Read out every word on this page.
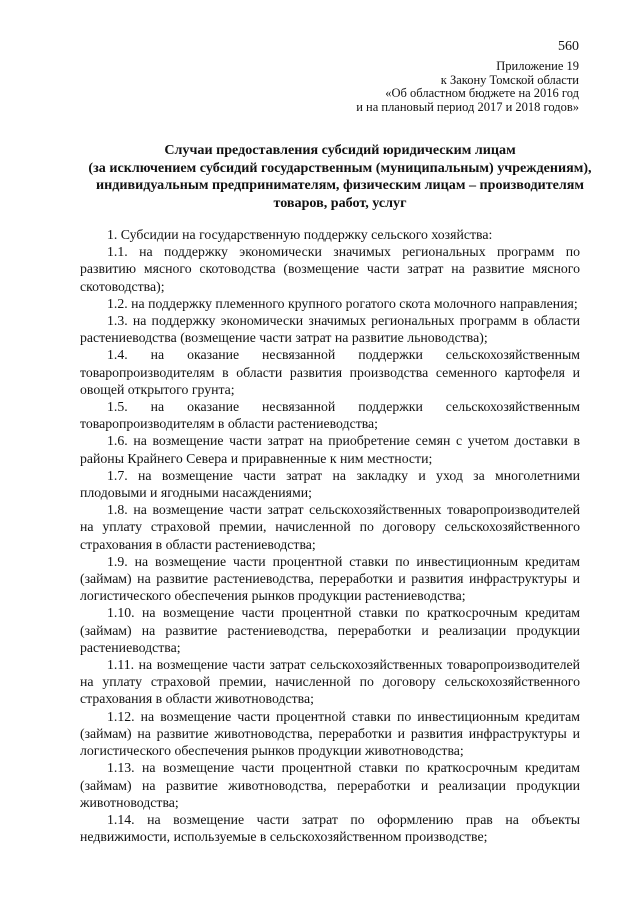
560
Приложение 19
к Закону Томской области
«Об областном бюджете на 2016 год
и на плановый период 2017 и 2018 годов»
Случаи предоставления субсидий юридическим лицам
(за исключением субсидий государственным (муниципальным) учреждениям),
индивидуальным предпринимателям, физическим лицам – производителям
товаров, работ, услуг

1. Субсидии на государственную поддержку сельского хозяйства:

1.1. на поддержку экономически значимых региональных программ по развитию мясного скотоводства (возмещение части затрат на развитие мясного скотоводства);

1.2. на поддержку племенного крупного рогатого скота молочного направления;

1.3. на поддержку экономически значимых региональных программ в области растениеводства (возмещение части затрат на развитие льноводства);

1.4. на оказание несвязанной поддержки сельскохозяйственным товаропроизводителям в области развития производства семенного картофеля и овощей открытого грунта;

1.5. на оказание несвязанной поддержки сельскохозяйственным товаропроизводителям в области растениеводства;

1.6. на возмещение части затрат на приобретение семян с учетом доставки в районы Крайнего Севера и приравненные к ним местности;

1.7. на возмещение части затрат на закладку и уход за многолетними плодовыми и ягодными насаждениями;

1.8. на возмещение части затрат сельскохозяйственных товаропроизводителей на уплату страховой премии, начисленной по договору сельскохозяйственного страхования в области растениеводства;

1.9. на возмещение части процентной ставки по инвестиционным кредитам (займам) на развитие растениеводства, переработки и развития инфраструктуры и логистического обеспечения рынков продукции растениеводства;

1.10. на возмещение части процентной ставки по краткосрочным кредитам (займам) на развитие растениеводства, переработки и реализации продукции растениеводства;

1.11. на возмещение части затрат сельскохозяйственных товаропроизводителей на уплату страховой премии, начисленной по договору сельскохозяйственного страхования в области животноводства;

1.12. на возмещение части процентной ставки по инвестиционным кредитам (займам) на развитие животноводства, переработки и развития инфраструктуры и логистического обеспечения рынков продукции животноводства;

1.13. на возмещение части процентной ставки по краткосрочным кредитам (займам) на развитие животноводства, переработки и реализации продукции животноводства;

1.14. на возмещение части затрат по оформлению прав на объекты недвижимости, используемые в сельскохозяйственном производстве;
